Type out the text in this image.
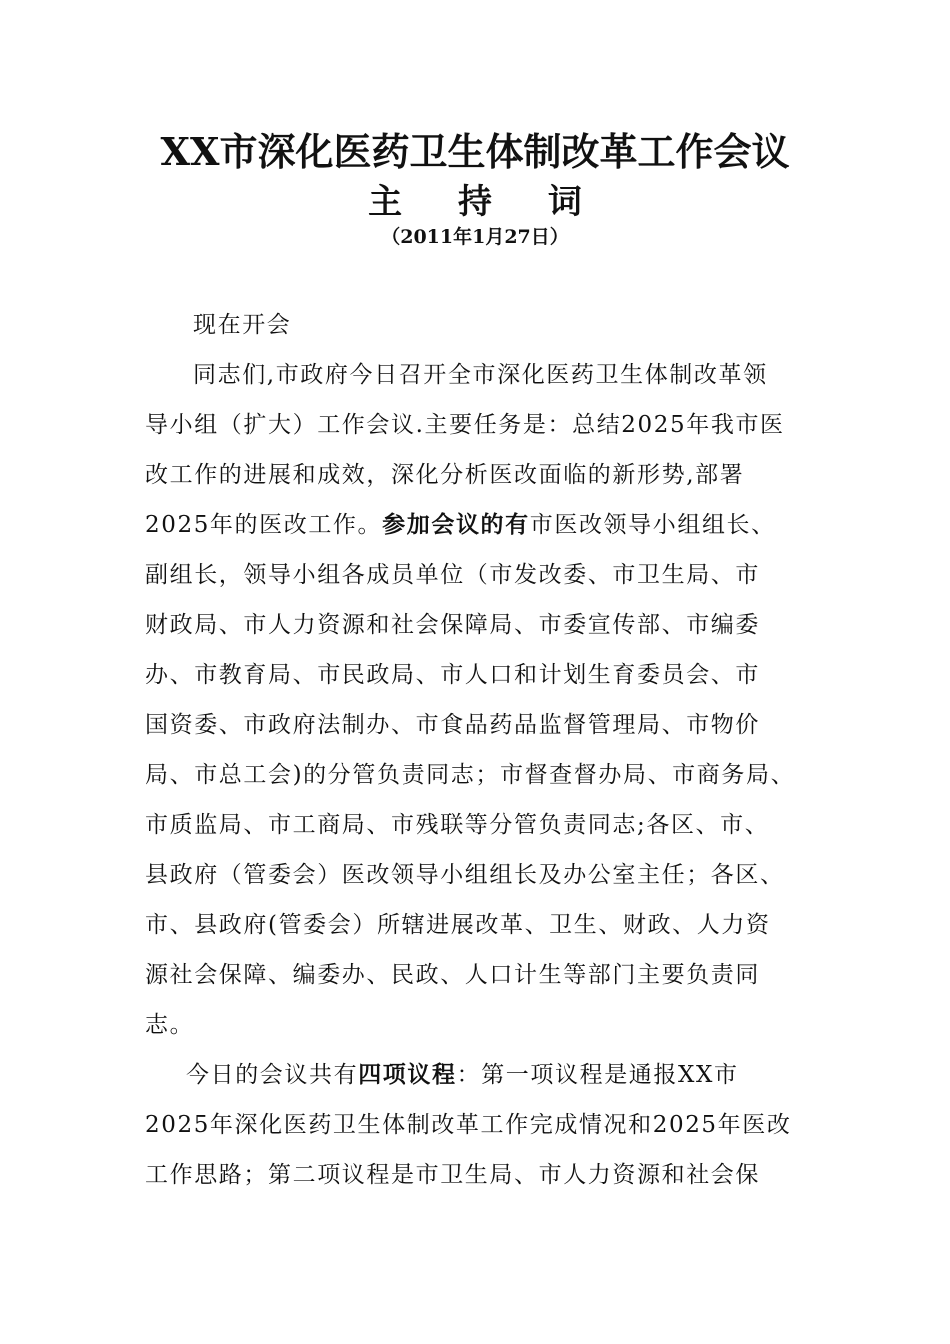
XX市深化医药卫生体制改革工作会议
主 持 词
（2011年1月27日）
现在开会
同志们,市政府今日召开全市深化医药卫生体制改革领
导小组（扩大）工作会议.主要任务是：总结2025年我市医
改工作的进展和成效，深化分析医改面临的新形势,部署
2025年的医改工作。参加会议的有市医改领导小组组长、
副组长，领导小组各成员单位（市发改委、市卫生局、市
财政局、市人力资源和社会保障局、市委宣传部、市编委
办、市教育局、市民政局、市人口和计划生育委员会、市
国资委、市政府法制办、市食品药品监督管理局、市物价
局、市总工会)的分管负责同志；市督查督办局、市商务局、
市质监局、市工商局、市残联等分管负责同志;各区、市、
县政府（管委会）医改领导小组组长及办公室主任；各区、
市、县政府(管委会）所辖进展改革、卫生、财政、人力资
源社会保障、编委办、民政、人口计生等部门主要负责同
志。
今日的会议共有四项议程：第一项议程是通报XX市
2025年深化医药卫生体制改革工作完成情况和2025年医改
工作思路；第二项议程是市卫生局、市人力资源和社会保
